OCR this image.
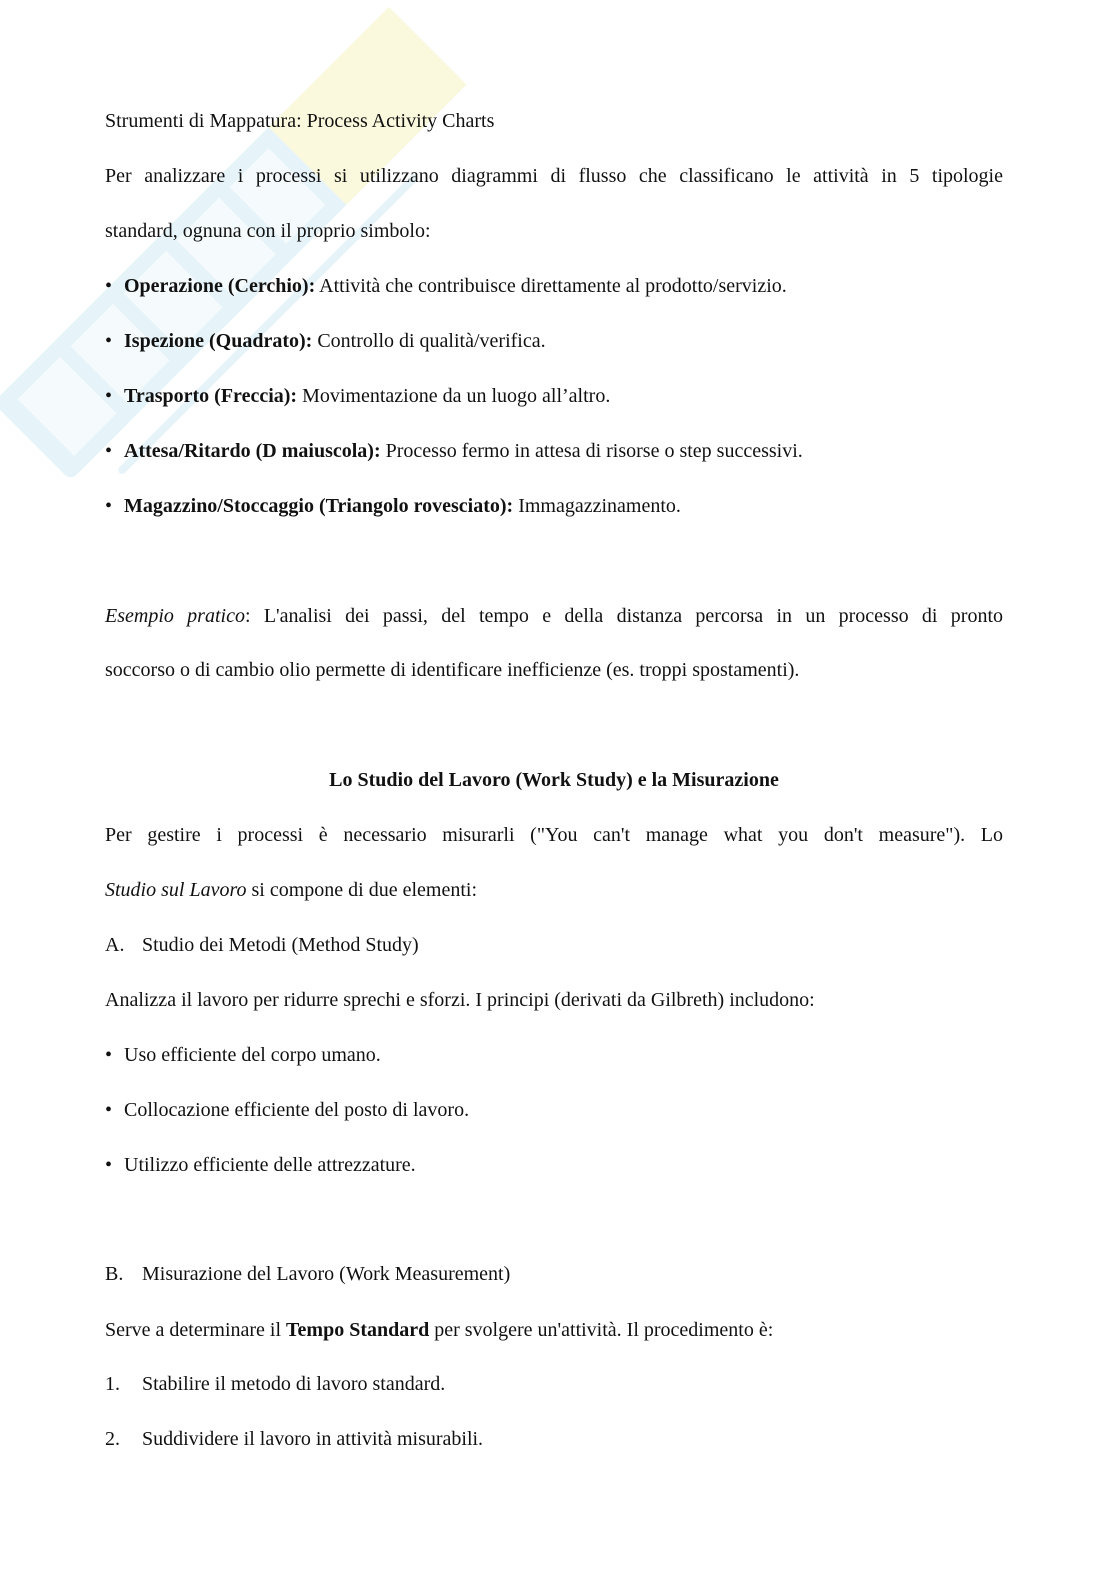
Strumenti di Mappatura: Process Activity Charts
Per analizzare i processi si utilizzano diagrammi di flusso che classificano le attività in 5 tipologie
standard, ognuna con il proprio simbolo:
• Operazione (Cerchio): Attività che contribuisce direttamente al prodotto/servizio.
• Ispezione (Quadrato): Controllo di qualità/verifica.
• Trasporto (Freccia): Movimentazione da un luogo all’altro.
• Attesa/Ritardo (D maiuscola): Processo fermo in attesa di risorse o step successivi.
• Magazzino/Stoccaggio (Triangolo rovesciato): Immagazzinamento.
Esempio pratico: L'analisi dei passi, del tempo e della distanza percorsa in un processo di pronto
soccorso o di cambio olio permette di identificare inefficienze (es. troppi spostamenti).
Lo Studio del Lavoro (Work Study) e la Misurazione
Per gestire i processi è necessario misurarli ("You can't manage what you don't measure"). Lo
Studio sul Lavoro si compone di due elementi:
A. Studio dei Metodi (Method Study)
Analizza il lavoro per ridurre sprechi e sforzi. I principi (derivati da Gilbreth) includono:
• Uso efficiente del corpo umano.
• Collocazione efficiente del posto di lavoro.
• Utilizzo efficiente delle attrezzature.
B. Misurazione del Lavoro (Work Measurement)
Serve a determinare il Tempo Standard per svolgere un'attività. Il procedimento è:
1. Stabilire il metodo di lavoro standard.
2. Suddividere il lavoro in attività misurabili.
